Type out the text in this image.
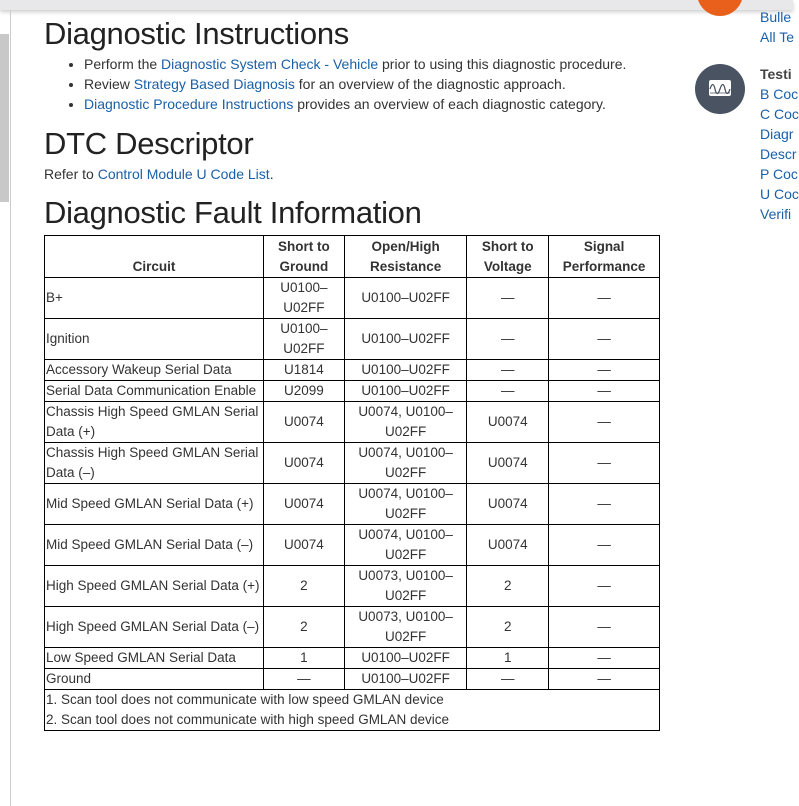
Diagnostic Instructions
• Perform the Diagnostic System Check - Vehicle prior to using this diagnostic procedure.
• Review Strategy Based Diagnosis for an overview of the diagnostic approach.
• Diagnostic Procedure Instructions provides an overview of each diagnostic category.
DTC Descriptor
Refer to Control Module U Code List.
Diagnostic Fault Information
Circuit	Short to Ground	Open/High Resistance	Short to Voltage	Signal Performance
B+	U0100–U02FF	U0100–U02FF	—	—
Ignition	U0100–U02FF	U0100–U02FF	—	—
Accessory Wakeup Serial Data	U1814	U0100–U02FF	—	—
Serial Data Communication Enable	U2099	U0100–U02FF	—	—
Chassis High Speed GMLAN Serial Data (+)	U0074	U0074, U0100–U02FF	U0074	—
Chassis High Speed GMLAN Serial Data (–)	U0074	U0074, U0100–U02FF	U0074	—
Mid Speed GMLAN Serial Data (+)	U0074	U0074, U0100–U02FF	U0074	—
Mid Speed GMLAN Serial Data (–)	U0074	U0074, U0100–U02FF	U0074	—
High Speed GMLAN Serial Data (+)	2	U0073, U0100–U02FF	2	—
High Speed GMLAN Serial Data (–)	2	U0073, U0100–U02FF	2	—
Low Speed GMLAN Serial Data	1	U0100–U02FF	1	—
Ground	—	U0100–U02FF	—	—

1. Scan tool does not communicate with low speed GMLAN device
2. Scan tool does not communicate with high speed GMLAN device				
Bulle
All Te
Testi
B Coc
C Coc
Diagr
Descr
P Coc
U Coc
Verifi
